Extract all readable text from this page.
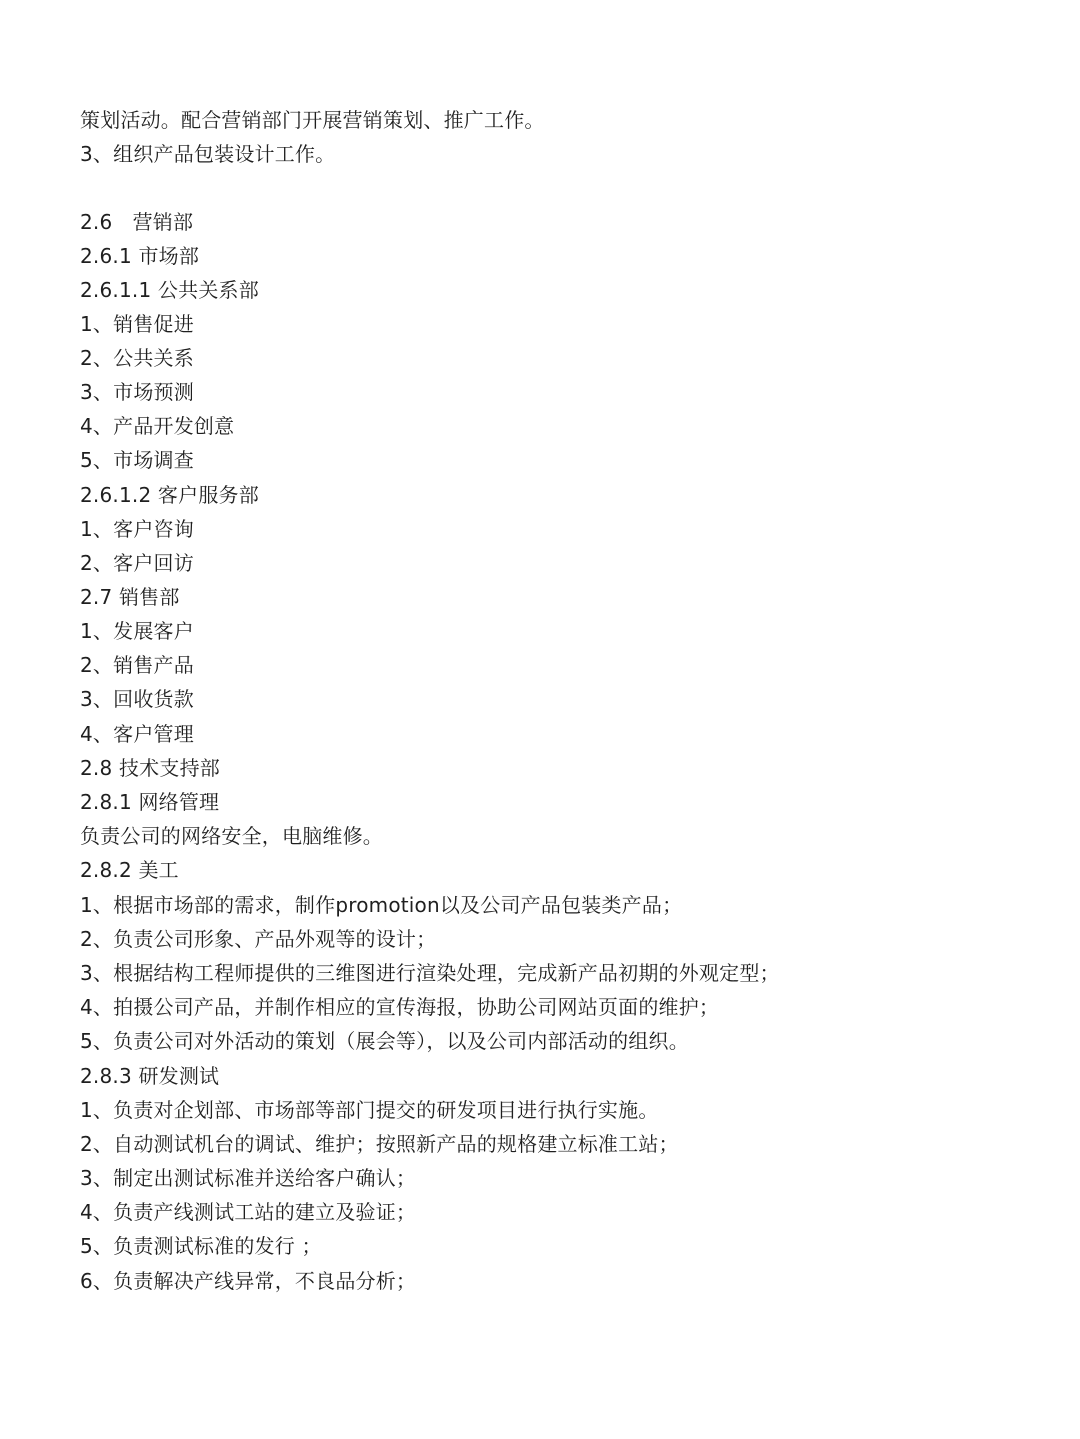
策划活动。配合营销部门开展营销策划、推广工作。
3、组织产品包装设计工作。
2.6　营销部
2.6.1 市场部
2.6.1.1 公共关系部
1、销售促进
2、公共关系
3、市场预测
4、产品开发创意
5、市场调查
2.6.1.2 客户服务部
1、客户咨询
2、客户回访
2.7 销售部
1、发展客户
2、销售产品
3、回收货款
4、客户管理
2.8 技术支持部
2.8.1 网络管理
负责公司的网络安全，电脑维修。
2.8.2 美工
1、根据市场部的需求，制作promotion以及公司产品包装类产品；
2、负责公司形象、产品外观等的设计；
3、根据结构工程师提供的三维图进行渲染处理，完成新产品初期的外观定型；
4、拍摄公司产品，并制作相应的宣传海报，协助公司网站页面的维护；
5、负责公司对外活动的策划（展会等），以及公司内部活动的组织。
2.8.3 研发测试
1、负责对企划部、市场部等部门提交的研发项目进行执行实施。
2、自动测试机台的调试、维护；按照新产品的规格建立标准工站；
3、制定出测试标准并送给客户确认；
4、负责产线测试工站的建立及验证；
5、负责测试标准的发行 ；
6、负责解决产线异常，不良品分析；
